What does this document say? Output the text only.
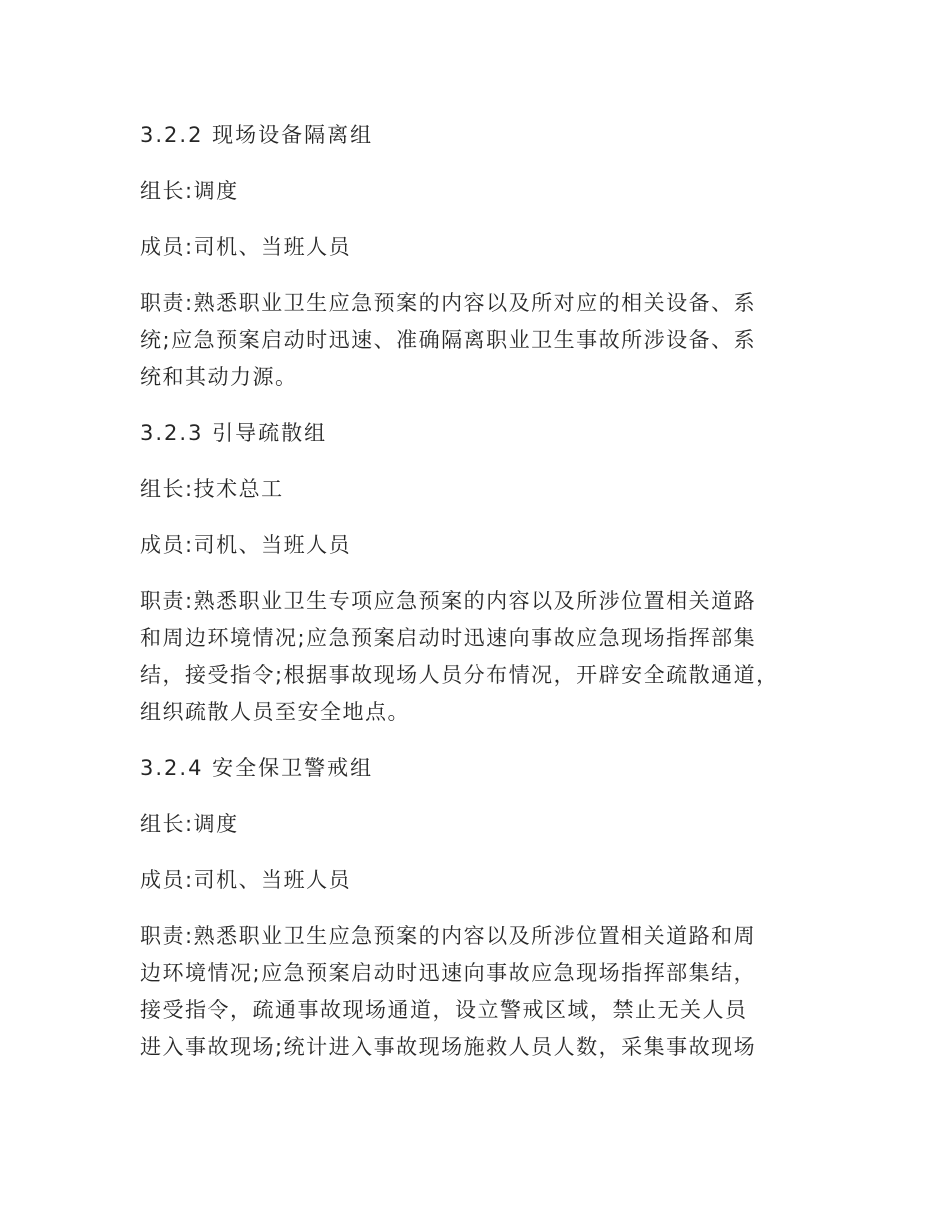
3.2.2 现场设备隔离组

组长:调度

成员:司机、当班人员

职责:熟悉职业卫生应急预案的内容以及所对应的相关设备、系
统;应急预案启动时迅速、准确隔离职业卫生事故所涉设备、系
统和其动力源。

3.2.3 引导疏散组

组长:技术总工

成员:司机、当班人员

职责:熟悉职业卫生专项应急预案的内容以及所涉位置相关道路
和周边环境情况;应急预案启动时迅速向事故应急现场指挥部集
结，接受指令;根据事故现场人员分布情况，开辟安全疏散通道，
组织疏散人员至安全地点。

3.2.4 安全保卫警戒组

组长:调度

成员:司机、当班人员

职责:熟悉职业卫生应急预案的内容以及所涉位置相关道路和周
边环境情况;应急预案启动时迅速向事故应急现场指挥部集结，
接受指令，疏通事故现场通道，设立警戒区域，禁止无关人员
进入事故现场;统计进入事故现场施救人员人数，采集事故现场
